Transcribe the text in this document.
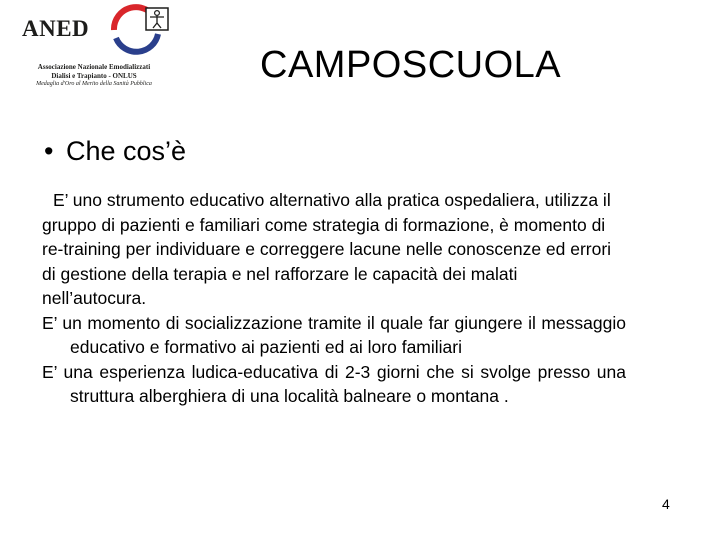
ANED
Associazione Nazionale Emodializzati
Dialisi e Trapianto - ONLUS
Medaglia d'Oro al Merito della Sanità Pubblica	CAMPOSCUOLA
• Che cos’è

E’ uno strumento educativo alternativo alla pratica ospedaliera, utilizza il gruppo di pazienti e familiari come strategia di formazione, è momento di re-training per individuare e correggere lacune nelle conoscenze ed errori di gestione della terapia e nel rafforzare le capacità dei malati nell’autocura.

E’ un momento di socializzazione tramite il quale far giungere il messaggio educativo e formativo ai pazienti ed ai loro familiari

E’ una esperienza ludica-educativa di 2-3 giorni che si svolge presso una struttura alberghiera di una località balneare o montana .

4
